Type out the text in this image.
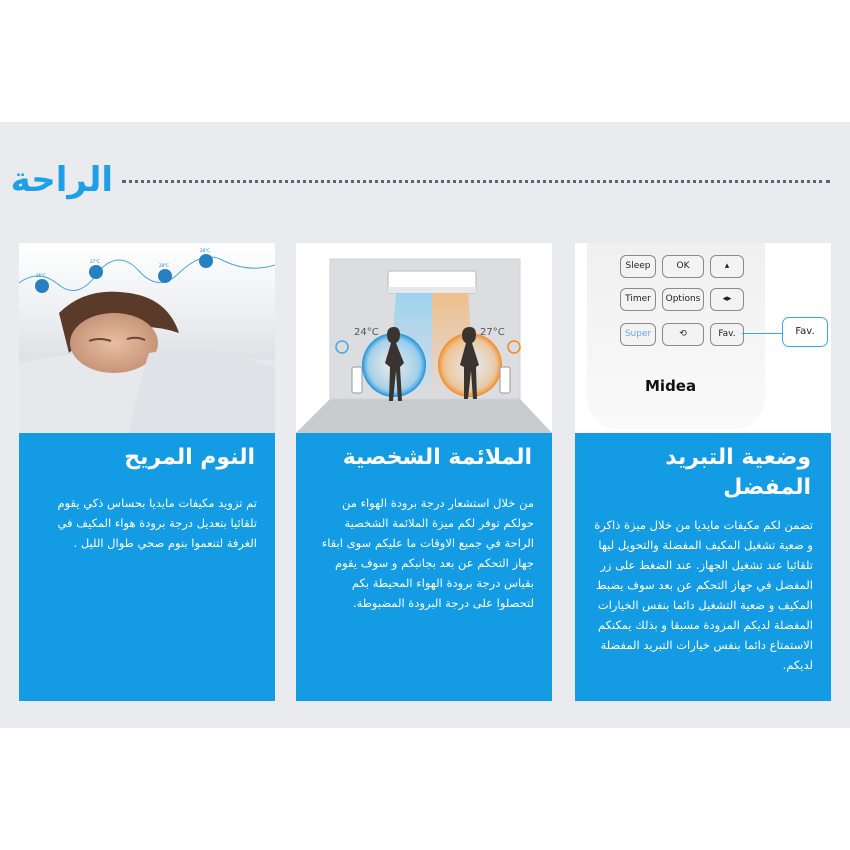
الراحة
26°C
27°C
28°C
28°C
النوم المريح

تم تزويد مكيفات مايديا بحساس ذكي يقوم تلقائيا بتعديل درجة برودة هواء المكيف في الغرفة لتنعموا بنوم صحي طوال الليل .

24°C	27°C
الملائمة الشخصية

من خلال استشعار درجة برودة الهواء من حولكم توفر لكم ميزة الملائمة الشخصية الراحة في جميع الاوقات ما عليكم سوى ابقاء جهاز التحكم عن بعد بجانبكم و سوف يقوم بقياس درجة برودة الهواء المحيطة بكم لتحصلوا على درجة البرودة المضبوطة.

Sleep	OK	▴

Timer	Options	◂▸
Super	⟲	Fav.	Fav.
Midea
وضعية التبريد المفضل

تضمن لكم مكيفات مايديا من خلال ميزة ذاكرة و ضعية تشغيل المكيف المفضلة والتحويل ليها تلقائيا عند تشغيل الجهاز. عند الضغط على زر المفضل في جهاز التحكم عن بعد سوف يضبط المكيف و ضعية التشغيل دائما بنفس الخيارات المفضلة لديكم المزودة مسبقا و بذلك يمكنكم الاستمتاع دائما بنفس خيارات التبريد المفضلة لديكم.
